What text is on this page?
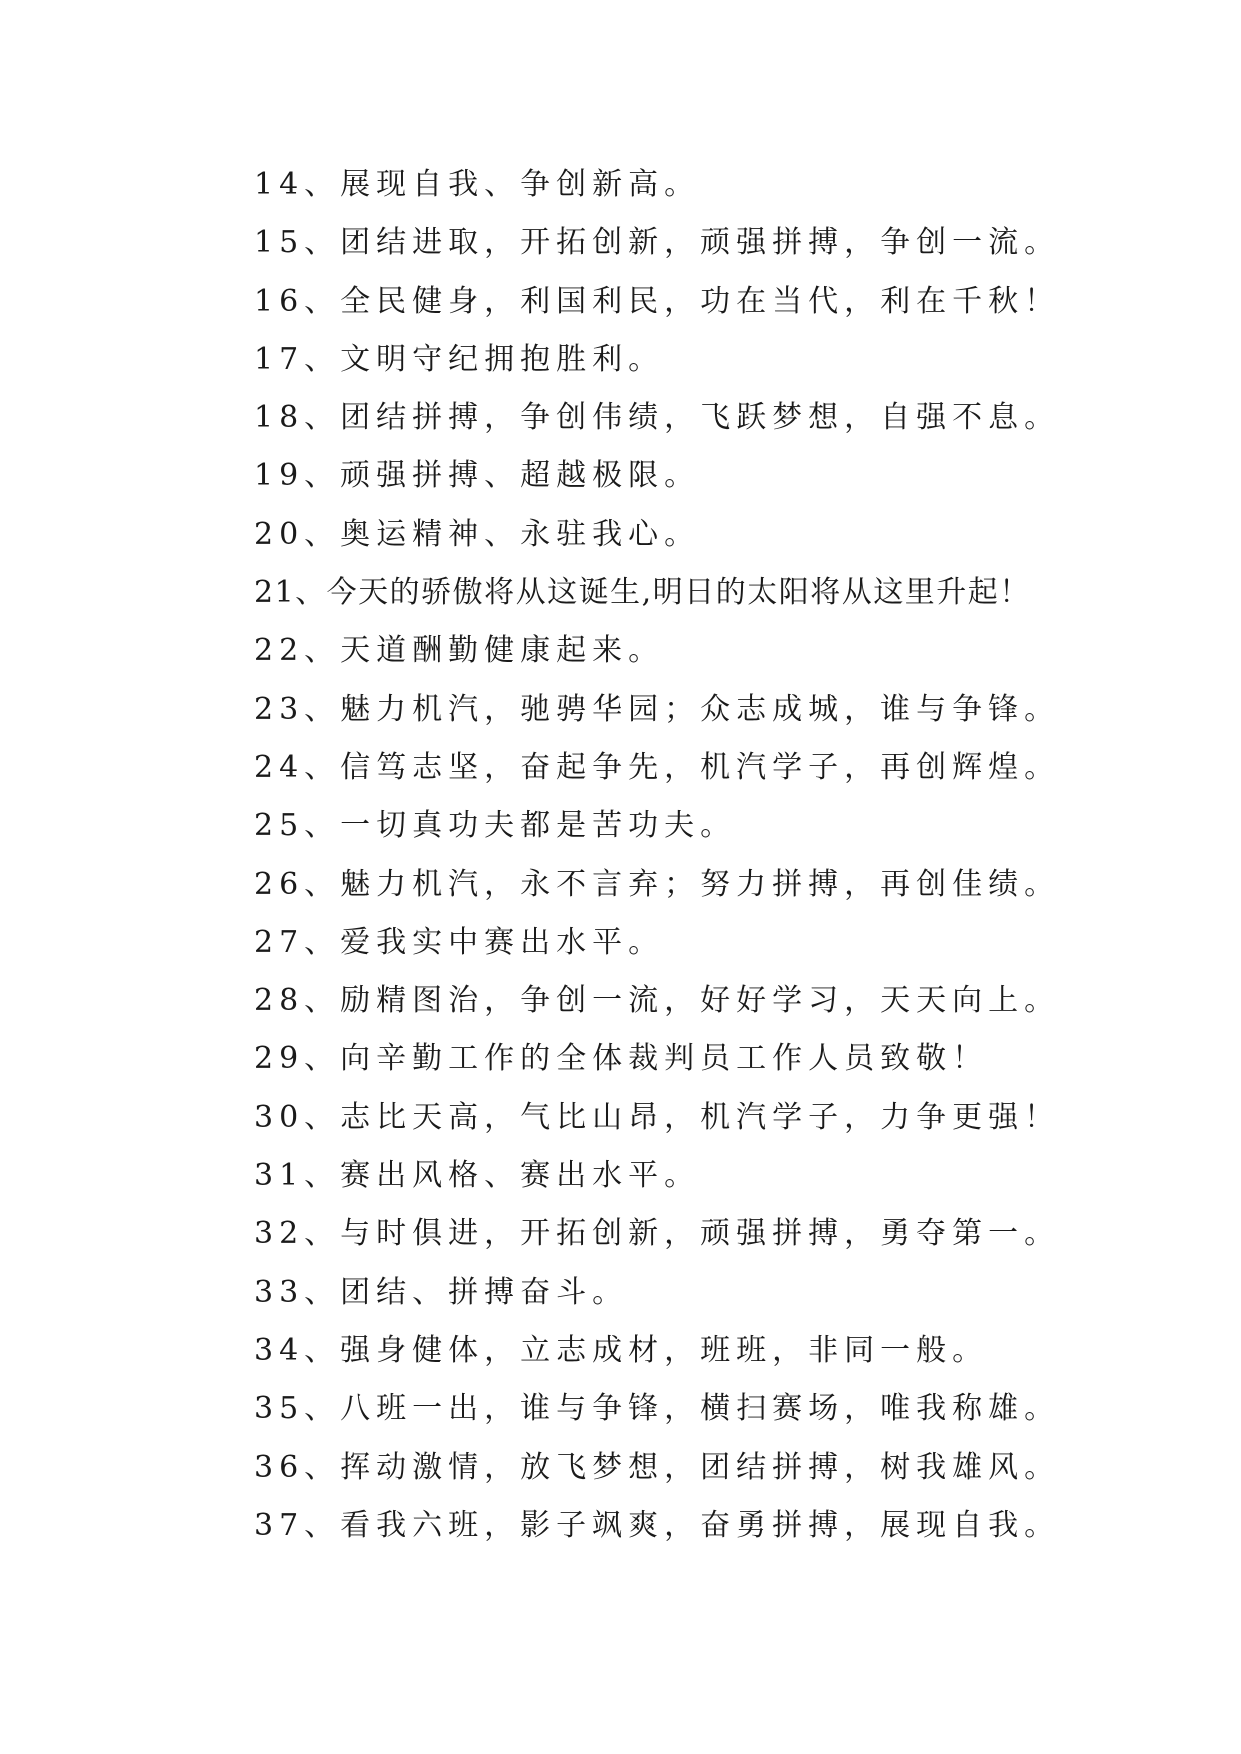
14、展现自我、争创新高。
15、团结进取，开拓创新，顽强拼搏，争创一流。
16、全民健身，利国利民，功在当代，利在千秋！
17、文明守纪拥抱胜利。
18、团结拼搏，争创伟绩，飞跃梦想，自强不息。
19、顽强拼搏、超越极限。
20、奥运精神、永驻我心。
21、今天的骄傲将从这诞生,明日的太阳将从这里升起！
22、天道酬勤健康起来。
23、魅力机汽，驰骋华园；众志成城，谁与争锋。
24、信笃志坚，奋起争先，机汽学子，再创辉煌。
25、一切真功夫都是苦功夫。
26、魅力机汽，永不言弃；努力拼搏，再创佳绩。
27、爱我实中赛出水平。
28、励精图治，争创一流，好好学习，天天向上。
29、向辛勤工作的全体裁判员工作人员致敬！
30、志比天高，气比山昂，机汽学子，力争更强！
31、赛出风格、赛出水平。
32、与时俱进，开拓创新，顽强拼搏，勇夺第一。
33、团结、拼搏奋斗。
34、强身健体，立志成材，班班，非同一般。
35、八班一出，谁与争锋，横扫赛场，唯我称雄。
36、挥动激情，放飞梦想，团结拼搏，树我雄风。
37、看我六班，影子飒爽，奋勇拼搏，展现自我。
